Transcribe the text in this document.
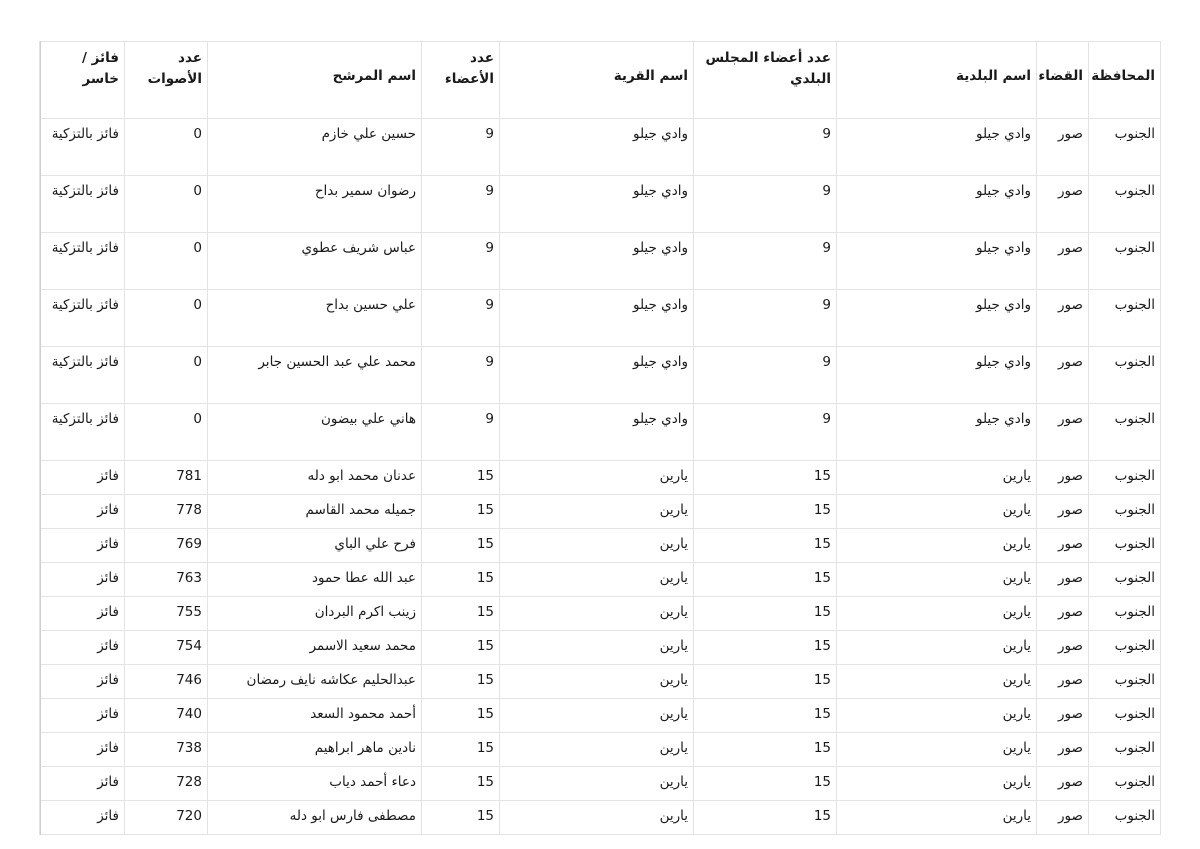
المحافظة	القضاء	اسم البلدية	عدد أعضاء المجلس البلدي	اسم القرية	عدد الأعضاء	اسم المرشح	عدد الأصوات	فائز / خاسر
الجنوب	صور	وادي جيلو	9	وادي جيلو	9	حسين علي خازم	0	فائز بالتزكية
الجنوب	صور	وادي جيلو	9	وادي جيلو	9	رضوان سمير بداح	0	فائز بالتزكية
الجنوب	صور	وادي جيلو	9	وادي جيلو	9	عباس شريف عطوي	0	فائز بالتزكية
الجنوب	صور	وادي جيلو	9	وادي جيلو	9	علي حسين بداح	0	فائز بالتزكية
الجنوب	صور	وادي جيلو	9	وادي جيلو	9	محمد علي عبد الحسين جابر	0	فائز بالتزكية
الجنوب	صور	وادي جيلو	9	وادي جيلو	9	هاني علي بيضون	0	فائز بالتزكية
الجنوب	صور	يارين	15	يارين	15	عدنان محمد ابو دله	781	فائز
الجنوب	صور	يارين	15	يارين	15	جميله محمد القاسم	778	فائز
الجنوب	صور	يارين	15	يارين	15	فرح علي الباي	769	فائز
الجنوب	صور	يارين	15	يارين	15	عبد الله عطا حمود	763	فائز
الجنوب	صور	يارين	15	يارين	15	زينب اكرم البردان	755	فائز
الجنوب	صور	يارين	15	يارين	15	محمد سعيد الاسمر	754	فائز
الجنوب	صور	يارين	15	يارين	15	عبدالحليم عكاشه نايف رمضان	746	فائز
الجنوب	صور	يارين	15	يارين	15	أحمد محمود السعد	740	فائز
الجنوب	صور	يارين	15	يارين	15	نادين ماهر ابراهيم	738	فائز
الجنوب	صور	يارين	15	يارين	15	دعاء أحمد دياب	728	فائز
الجنوب	صور	يارين	15	يارين	15	مصطفى فارس ابو دله	720	فائز
